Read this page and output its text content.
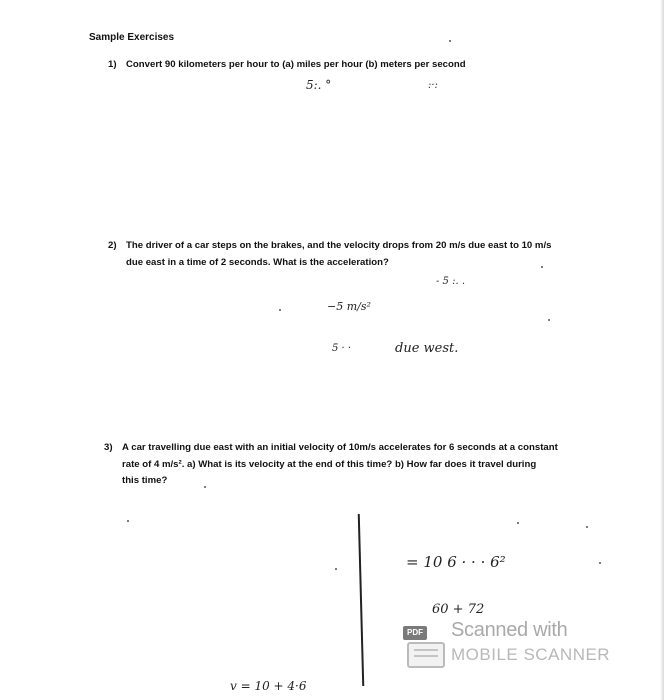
Sample Exercises
1) Convert 90 kilometers per hour to (a) miles per hour (b) meters per second
5:. °	:·:
2) The driver of a car steps on the brakes, and the velocity drops from 20 m/s due east to 10 m/s
due east in a time of 2 seconds. What is the acceleration?
- 5 :. .
−5 m/s²
5 · ·	due west.
3) A car travelling due east with an initial velocity of 10m/s accelerates for 6 seconds at a constant
rate of 4 m/s². a) What is its velocity at the end of this time? b) How far does it travel during
this time?
= 10 6 · · · 6²
60 + 72
v = 10 + 4·6
PDF Scanned with
MOBILE SCANNER
